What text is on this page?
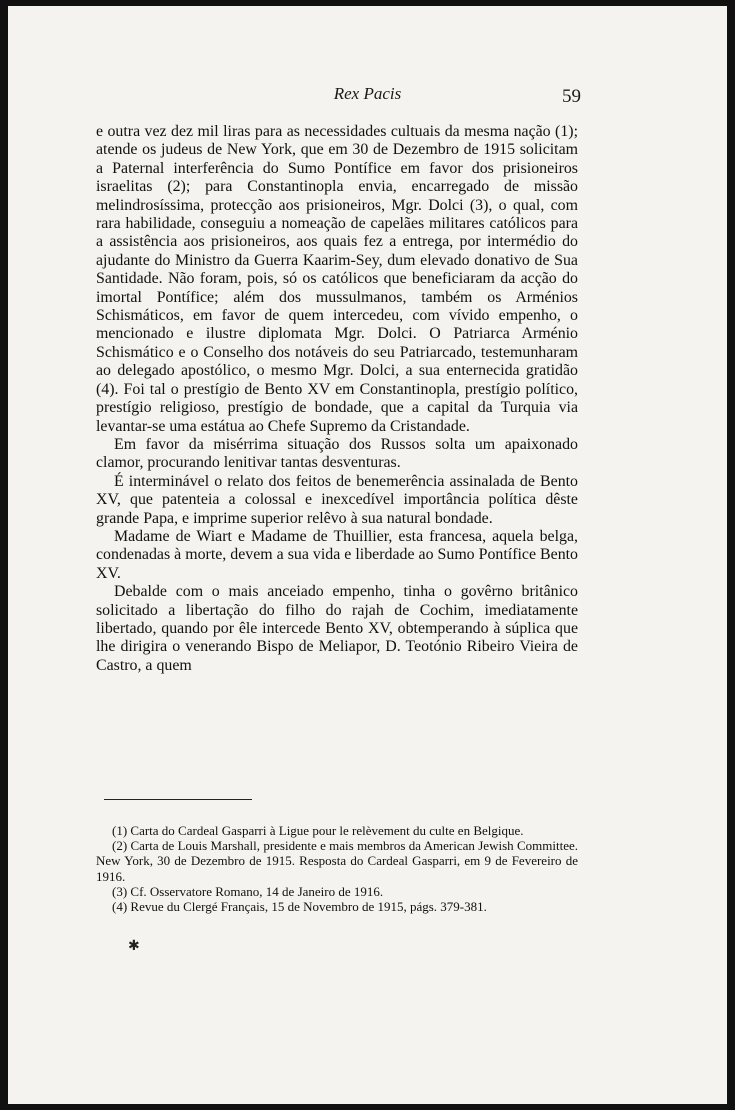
Rex Pacis	59

e outra vez dez mil liras para as necessidades cultuais da mesma nação (1); atende os judeus de New York, que em 30 de Dezembro de 1915 solicitam a Paternal interferência do Sumo Pontífice em favor dos prisioneiros israelitas (2); para Constantinopla envia, encarregado de missão melindrosíssima, protecção aos prisioneiros, Mgr. Dolci (3), o qual, com rara habilidade, conseguiu a nomeação de capelães militares católicos para a assistência aos prisioneiros, aos quais fez a entrega, por intermédio do ajudante do Ministro da Guerra Kaarim-Sey, dum elevado donativo de Sua Santidade. Não foram, pois, só os católicos que beneficiaram da acção do imortal Pontífice; além dos mussulmanos, também os Arménios Schismáticos, em favor de quem intercedeu, com vívido empenho, o mencionado e ilustre diplomata Mgr. Dolci. O Patriarca Arménio Schismático e o Conselho dos notáveis do seu Patriarcado, testemunharam ao delegado apostólico, o mesmo Mgr. Dolci, a sua enternecida gratidão (4). Foi tal o prestígio de Bento XV em Constantinopla, prestígio político, prestígio religioso, prestígio de bondade, que a capital da Turquia via levantar-se uma estátua ao Chefe Supremo da Cristandade.

Em favor da misérrima situação dos Russos solta um apaixonado clamor, procurando lenitivar tantas desventuras.

É interminável o relato dos feitos de benemerência assinalada de Bento XV, que patenteia a colossal e inexcedível importância política dêste grande Papa, e imprime superior relêvo à sua natural bondade.

Madame de Wiart e Madame de Thuillier, esta francesa, aquela belga, condenadas à morte, devem a sua vida e liberdade ao Sumo Pontífice Bento XV.

Debalde com o mais anceiado empenho, tinha o govêrno britânico solicitado a libertação do filho do rajah de Cochim, imediatamente libertado, quando por êle intercede Bento XV, obtemperando à súplica que lhe dirigira o venerando Bispo de Meliapor, D. Teotónio Ribeiro Vieira de Castro, a quem

(1) Carta do Cardeal Gasparri à Ligue pour le relèvement du culte en Belgique.

(2) Carta de Louis Marshall, presidente e mais membros da American Jewish Committee. New York, 30 de Dezembro de 1915. Resposta do Cardeal Gasparri, em 9 de Fevereiro de 1916.

(3) Cf. Osservatore Romano, 14 de Janeiro de 1916.

(4) Revue du Clergé Français, 15 de Novembro de 1915, págs. 379-381.

✱
